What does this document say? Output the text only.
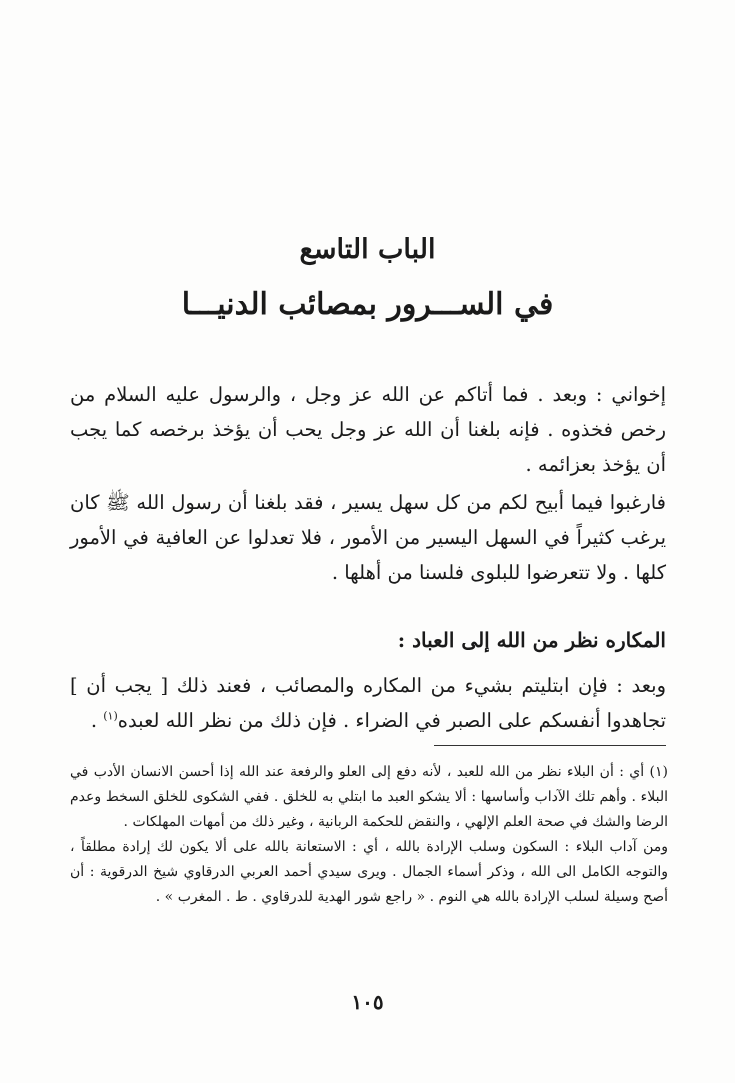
الباب التاسع
في الســـرور بمصائب الدنيـــا

إخواني : وبعد . فما أتاكم عن الله عز وجل ، والرسول عليه السلام من رخص فخذوه . فإنه بلغنا أن الله عز وجل يحب أن يؤخذ برخصه كما يجب أن يؤخذ بعزائمه .

فارغبوا فيما أبيح لكم من كل سهل يسير ، فقد بلغنا أن رسول الله ﷺ كان يرغب كثيراً في السهل اليسير من الأمور ، فلا تعدلوا عن العافية في الأمور كلها . ولا تتعرضوا للبلوى فلسنا من أهلها .

المكاره نظر من الله إلى العباد :

وبعد : فإن ابتليتم بشيء من المكاره والمصائب ، فعند ذلك [ يجب أن ] تجاهدوا أنفسكم على الصبر في الضراء . فإن ذلك من نظر الله لعبده$^{(١)}$ .

(١) أي : أن البلاء نظر من الله للعبد ، لأنه دفع إلى العلو والرفعة عند الله إذا أحسن الانسان الأدب في البلاء . وأهم تلك الآداب وأساسها : ألا يشكو العبد ما ابتلي به للخلق . ففي الشكوى للخلق السخط وعدم الرضا والشك في صحة العلم الإلهي ، والنقض للحكمة الربانية ، وغير ذلك من أمهات المهلكات .

ومن آداب البلاء : السكون وسلب الإرادة بالله ، أي : الاستعانة بالله على ألا يكون لك إرادة مطلقاً ، والتوجه الكامل الى الله ، وذكر أسماء الجمال . ويرى سيدي أحمد العربي الدرقاوي شيخ الدرقوية : أن أصح وسيلة لسلب الإرادة بالله هي النوم . « راجع شور الهدية للدرقاوي . ط . المغرب » .

١٠٥
